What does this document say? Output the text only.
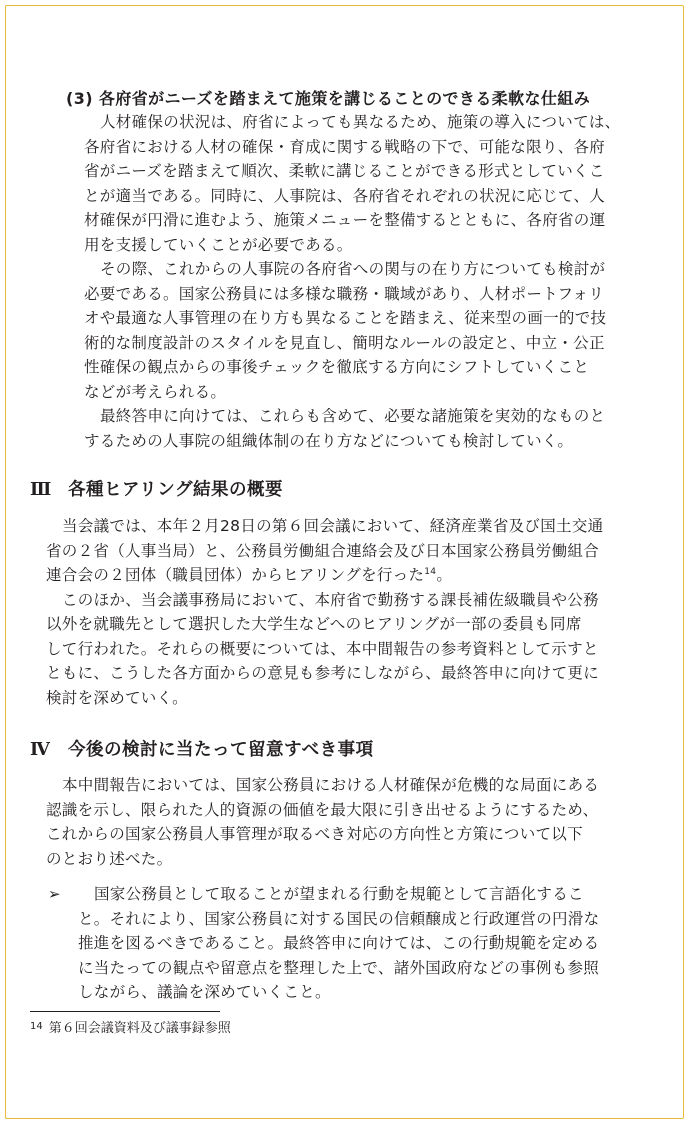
(3) 各府省がニーズを踏まえて施策を講じることのできる柔軟な仕組み
人材確保の状況は、府省によっても異なるため、施策の導入については、
各府省における人材の確保・育成に関する戦略の下で、可能な限り、各府
省がニーズを踏まえて順次、柔軟に講じることができる形式としていくこ
とが適当である。同時に、人事院は、各府省それぞれの状況に応じて、人
材確保が円滑に進むよう、施策メニューを整備するとともに、各府省の運
用を支援していくことが必要である。
その際、これからの人事院の各府省への関与の在り方についても検討が
必要である。国家公務員には多様な職務・職域があり、人材ポートフォリ
オや最適な人事管理の在り方も異なることを踏まえ、従来型の画一的で技
術的な制度設計のスタイルを見直し、簡明なルールの設定と、中立・公正
性確保の観点からの事後チェックを徹底する方向にシフトしていくこと
などが考えられる。
最終答申に向けては、これらも含めて、必要な諸施策を実効的なものと
するための人事院の組織体制の在り方などについても検討していく。
Ⅲ 各種ヒアリング結果の概要
当会議では、本年２月28日の第６回会議において、経済産業省及び国土交通
省の２省（人事当局）と、公務員労働組合連絡会及び日本国家公務員労働組合
連合会の２団体（職員団体）からヒアリングを行った$^{14}$。
このほか、当会議事務局において、本府省で勤務する課長補佐級職員や公務
以外を就職先として選択した大学生などへのヒアリングが一部の委員も同席
して行われた。それらの概要については、本中間報告の参考資料として示すと
ともに、こうした各方面からの意見も参考にしながら、最終答申に向けて更に
検討を深めていく。
Ⅳ 今後の検討に当たって留意すべき事項
本中間報告においては、国家公務員における人材確保が危機的な局面にある
認識を示し、限られた人的資源の価値を最大限に引き出せるようにするため、
これからの国家公務員人事管理が取るべき対応の方向性と方策について以下
のとおり述べた。
➢	国家公務員として取ることが望まれる行動を規範として言語化するこ
と。それにより、国家公務員に対する国民の信頼醸成と行政運営の円滑な
推進を図るべきであること。最終答申に向けては、この行動規範を定める
に当たっての観点や留意点を整理した上で、諸外国政府などの事例も参照
しながら、議論を深めていくこと。
$^{14}$ 第６回会議資料及び議事録参照
